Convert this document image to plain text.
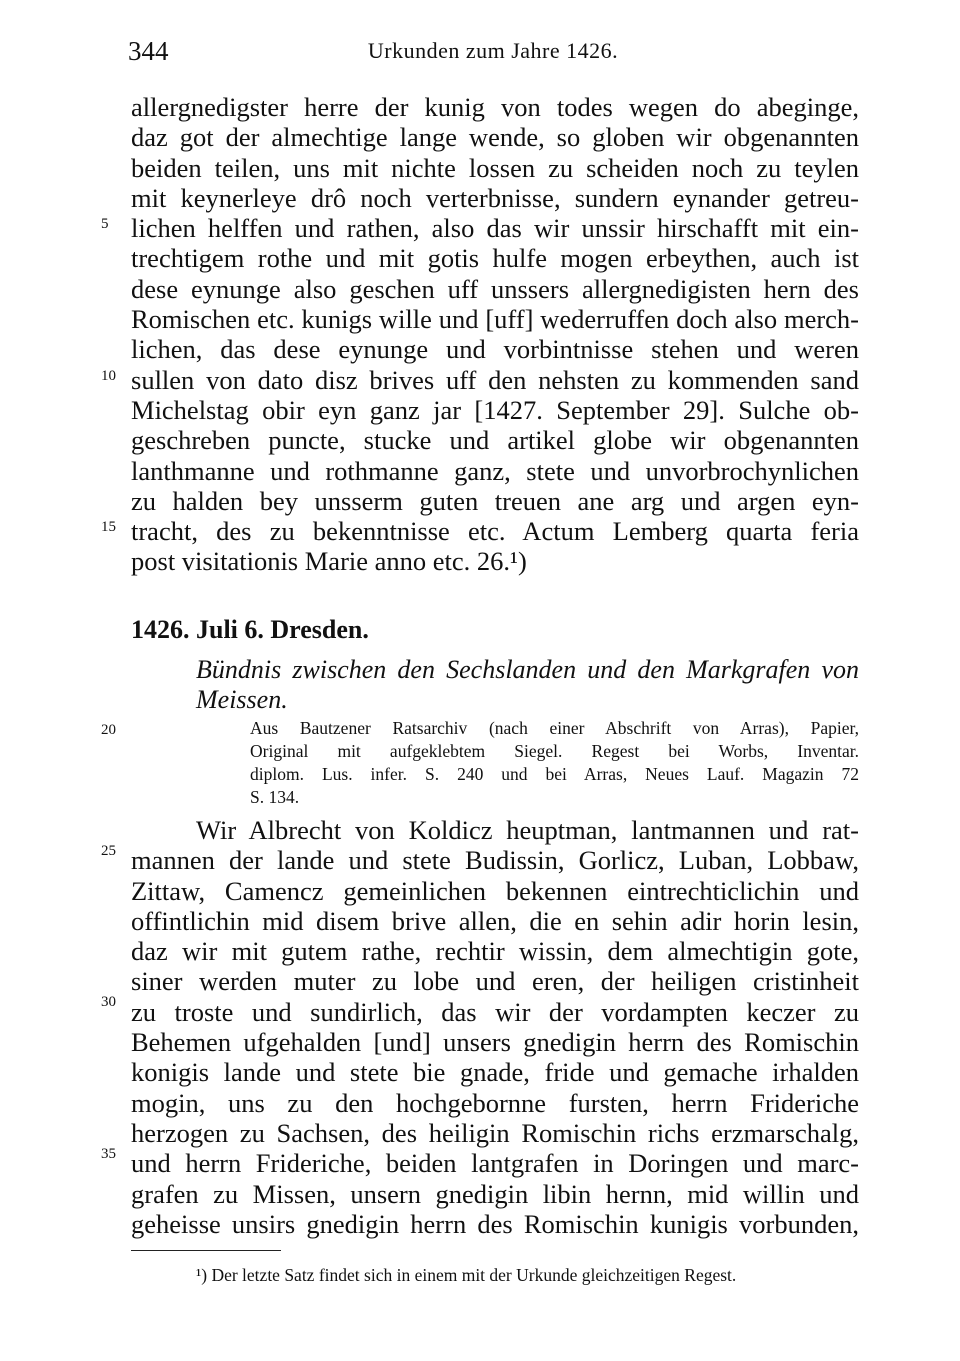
344	Urkunden zum Jahre 1426.
allergnedigster herre der kunig von todes wegen do abeginge,
daz got der almechtige lange wende, so globen wir obgenannten
beiden teilen, uns mit nichte lossen zu scheiden noch zu teylen
mit keynerleye drô noch verterbnisse, sundern eynander getreu-
lichen helffen und rathen, also das wir unssir hirschafft mit ein-
trechtigem rothe und mit gotis hulfe mogen erbeythen, auch ist
dese eynunge also geschen uff unssers allergnedigisten hern des
Romischen etc. kunigs wille und [uff] wederruffen doch also merch-
lichen, das dese eynunge und vorbintnisse stehen und weren
sullen von dato disz brives uff den nehsten zu kommenden sand
Michelstag obir eyn ganz jar [1427. September 29]. Sulche ob-
geschreben puncte, stucke und artikel globe wir obgenannten
lanthmanne und rothmanne ganz, stete und unvorbrochynlichen
zu halden bey unsserm guten treuen ane arg und argen eyn-
tracht, des zu bekenntnisse etc. Actum Lemberg quarta feria
post visitationis Marie anno etc. 26.¹)
5
10
15
20
25
30
35
1426. Juli 6. Dresden.
Bündnis zwischen den Sechslanden und den Markgrafen von
Meissen.
Aus Bautzener Ratsarchiv (nach einer Abschrift von Arras), Papier,
Original mit aufgeklebtem Siegel. Regest bei Worbs, Inventar.
diplom. Lus. infer. S. 240 und bei Arras, Neues Lauf. Magazin 72
S. 134.
Wir Albrecht von Koldicz heuptman, lantmannen und rat-
mannen der lande und stete Budissin, Gorlicz, Luban, Lobbaw,
Zittaw, Camencz gemeinlichen bekennen eintrechticlichin und
offintlichin mid disem brive allen, die en sehin adir horin lesin,
daz wir mit gutem rathe, rechtir wissin, dem almechtigin gote,
siner werden muter zu lobe und eren, der heiligen cristinheit
zu troste und sundirlich, das wir der vordampten keczer zu
Behemen ufgehalden [und] unsers gnedigin herrn des Romischin
konigis lande und stete bie gnade, fride und gemache irhalden
mogin, uns zu den hochgebornne fursten, herrn Frideriche
herzogen zu Sachsen, des heiligin Romischin richs erzmarschalg,
und herrn Frideriche, beiden lantgrafen in Doringen und marc-
grafen zu Missen, unsern gnedigin libin hernn, mid willin und
geheisse unsirs gnedigin herrn des Romischin kunigis vorbunden,
¹) Der letzte Satz findet sich in einem mit der Urkunde gleichzeitigen Regest.
